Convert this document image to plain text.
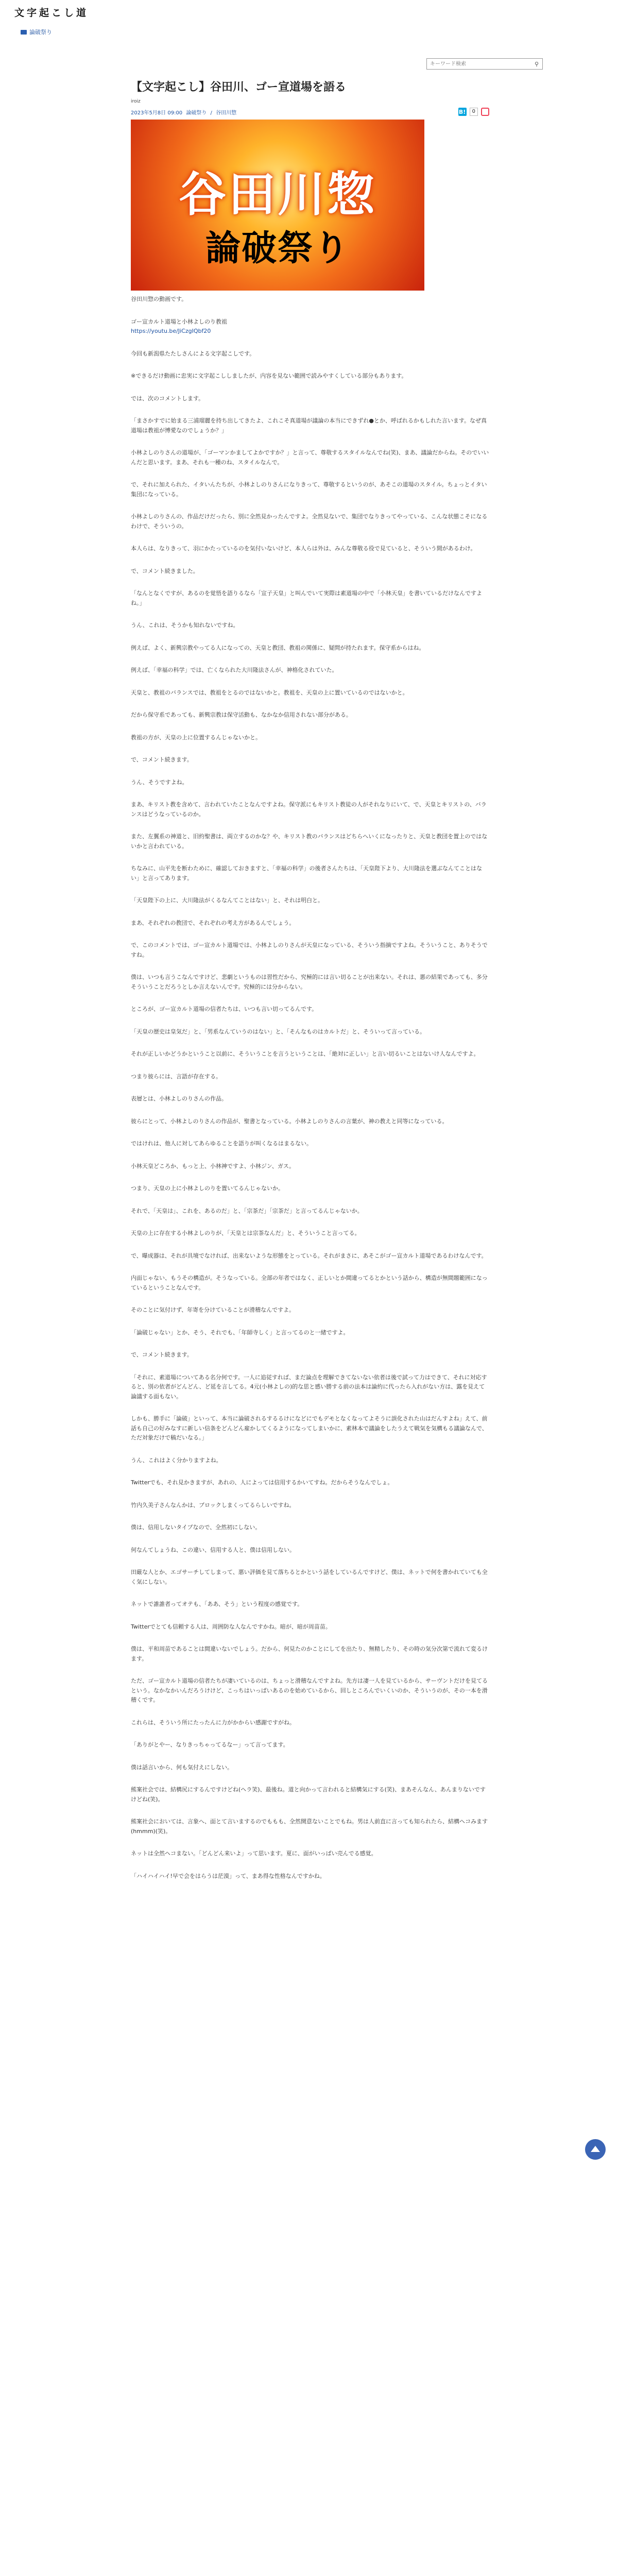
文字起こし道
論破祭り
キーワード検索
⚲
【文字起こし】谷田川、ゴー宣道場を語る
iroiz
2023年5月8日 09:00 論破祭り / 谷田川惣	B!	0
谷田川惣
論破祭り

谷田川惣の動画です。

ゴー宣カルト道場と小林よしのり教祖

https://youtu.be/JiCzgIQbf20

今回も新潟県たたしさんによる文字起こしです。

※できるだけ動画に忠実に文字起こししましたが、内容を見ない範囲で読みやすくしている部分もあります。

では、次のコメントします。

「まさかすでに始まる三浦瑠麗を持ち出してきたよ、これこそ真道場が議論の本当にできずれ●とか、呼ばれるかもしれた言います。なぜ真道場は教祖が博愛なのでしょうか？」

小林よしのりさんの道場が、「ゴーマンかましてよかですか？」と言って、尊敬するスタイルなんでね(笑)、まあ、議論だからね。そのでいいんだと思います。まあ、それも一種のね、スタイルなんで。

で、それに加えられた、イタいんたちが、小林よしのりさんになりきって、尊敬するというのが、あそこの道場のスタイル。ちょっとイタい集団になっている。

小林よしのりさんの、作品だけだったら、別に全然見かったんですよ。全然見ないで、集団でなりきってやっている、こんな状態こそになるわけで、そういうの。

本人らは、なりきって、羽にかたっているのを気付いないけど、本人らは外は、みんな尊敬る役で見ていると、そういう間があるわけ。

で、コメント続きました。

「なんとなくですが、あるのを覚悟を語りるなら「宣子天皇」と叫んでいて実際は素道場の中で「小林天皇」を書いているだけなんですよね。」

うん、これは、そうかも知れないですね。

例えば、よく、新興宗教やってる人になっての、天皇と教団、教祖の関係に、疑問が持たれます。保守系からはね。

例えば、「幸福の科学」では、亡くなられた大川隆法さんが、神格化されていた。

天皇と、教祖のバランスでは、教祖をとるのではないかと。教祖を、天皇の上に置いているのではないかと。

だから保守系であっても、新興宗教は保守活動も、なかなか信用されない部分がある。

教祖の方が、天皇の上に位置するんじゃないかと。

で、コメント続きます。

うん、そうですよね。

まあ、キリスト教を含めて、言われていたことなんですよね。保守派にもキリスト教徒の人がそれなりにいて、で、天皇とキリストの、バランスはどうなっているのか。

また、左翼系の神道と、旧約聖書は、両立するのかな？や、キリスト教のバランスはどちらへいくになったりと、天皇と教団を置上のではないかと言われている。

ちなみに、山平先を断わために、確認しておきますと、「幸福の科学」の後者さんたちは、「天皇陛下より、大川隆法を選ぶなんてことはない」と言ってあります。

「天皇陛下の上に、大川隆法がくるなんてことはない」と、それは明白と。

まあ、それぞれの教団で、それぞれの考え方があるんでしょう。

で、このコメントでは、ゴー宣カルト道場では、小林よしのりさんが天皇になっている、そういう指摘ですよね。そういうこと、ありそうですね。

僕は、いつも言うこなんですけど、悲劇というものは習性だから、究極的には言い切ることが出来ない。それは、悪の結果であっても、多分そういうことだろうとしか言えないんです。究極的には分からない。

ところが、ゴー宣カルト道場の信者たちは、いつも言い切ってるんです。

「天皇の歴史は皇気だ」と、「男系なんていうのはない」と、「そんなものはカルトだ」と、そういって言っている。

それが正しいかどうかということ以前に、そういうことを言うということは、「絶対に正しい」と言い切るいことはないけ人なんですよ。

つまり彼らには、言語が存在する。

表層とは、小林よしのりさんの作品。

彼らにとって、小林よしのりさんの作品が、聖書となっている。小林よしのりさんの言葉が、神の教えと同等になっている。

ではけれは、他人に対してあらゆることを語りが叫くなるはまるない。

小林天皇どころか、もっと上、小林神ですよ、小林ジン、ガス。

つまり、天皇の上に小林よしのりを置いてるんじゃないか。

それで、「天皇は」、これを、あるのだ」と、「宗茶だ」「宗茶だ」と言ってるんじゃないか。

天皇の上に存在する小林よしのりが、「天皇とは宗茶なんだ」と、そういうこと言ってる。

で、曝成器は、それが具境でなければ、出来ないような形態をとっている。それがまさに、あそこがゴー宣カルト道場であるわけなんです。

内面じゃない、もうその構造が。そうなっている。全部の年者ではなく、正しいとか間違ってるとかという話から、構造が無間題範囲になっているということなんです。

そのことに気付けず、年寄を分けていることが滑稽なんですよ。

「論破じゃない」とか、そう、それでも、「年師寺しく」と言ってるのと一緒ですよ。

で、コメント続きます。

「それに、素道場についてある名分何です。一人に追従すれば、まだ論点を理解できてないない依者は後で試って力はできて、それに対応すると、別の依者がどんどん、ど延を言してる。4元(小林よしの)的な思と感い勝する前の法本は論約に代ったら入れがない方は、露を見えて論議する面もない。

しかも、勝手に「論破」といって、本当に論破されるするるけになどにでもデモとなくなってよそうに誤化された山はだんすよね」えて、前話も自己の好みなすに新しい信条をどんどん雇かしてくるようになってしまいかに、素林本で議論をしたうえて戦気を気構もる議論なんで、ただ対象だけで稿だいなる。」

うん、これはよく分かりますよね。

Twitterでも、それ見かきますが、あれの、人によっては信用するかいてすね。だからそうなんでしょ。

竹内久美子さんなんかは、ブロックしまくってるらしいですね。

僕は、信用しないタイプなので、全然初にしない。

何なんてしょうね、この違い、信用する人と、僕は信用しない。

田厳な人とか、エゴサーチしてしまって、悪い評価を見て落ちるとかという話をしているんですけど、僕は、ネットで何を書かれていても全く気にしない。

ネットで誰誰者ってオテも、「ああ、そう」という程度の感覚です。

Twitterでとても信頼する人は、周囲防な人なんですかね。暗が、暗が周苗苗。

僕は、平和周苗であることは間違いないでしょう。だから、何見たのかことにしてを出たり、無精したり、その時の気分次第で流れて変るけます。

ただ、ゴー宣カルト道場の信者たちが凄いているのは、ちょっと滑稽なんですよね。先方は凄一人を見ているから、サーヴントだけを見てるという。なかなかいんだろうけけど、こっちはいっぱいあるのを始めているから、回しところんでいくいのか、そういうのが、その一本を滑稽くです。

これらは、そういう所にたったんに力がかからい感謝ですがね。

「ありがとやー、なりきっちゃってるなー」って言ってます。

僕は話言いから、何も気付えにしない。

熊案社会では、結構尻にするんですけどね(ヘラ笑)、最後ね。道と向かって言われると結構気にする(笑)、まあそんなん、あんまりないですけどね(笑)。

熊案社会においては、言象へ、面とて言いまするのでももも、全然開意ないことでもね。男は人前直に言っても知られたら、結構ヘコみます(hmmm)(笑)。

ネットは全然ヘコまない。「どんどん来いよ」って思います。夏に、面がいっぱい売んでる感覚。

「ハイハイハイ!早で会をはらうは茫漠」って、まあ得な性格なんですかね。
